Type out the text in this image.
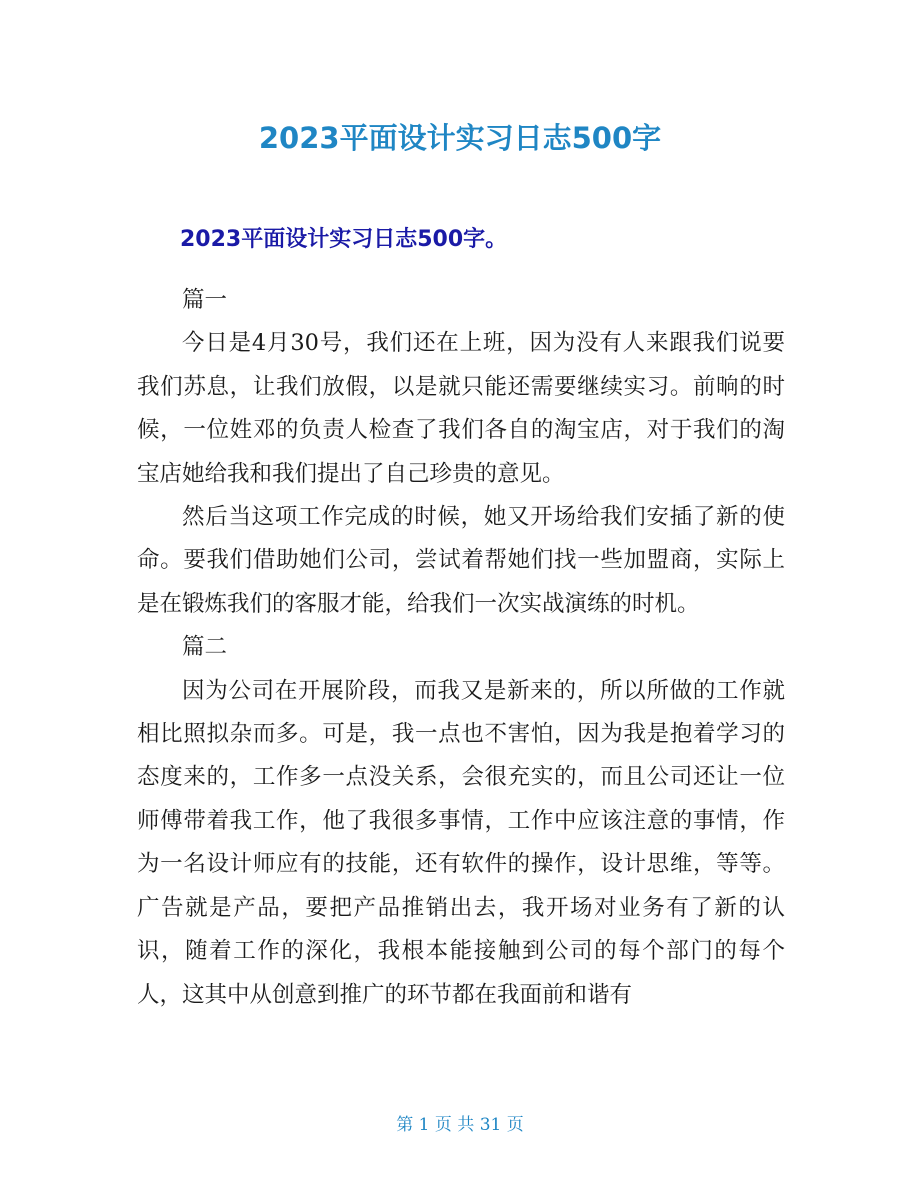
2023平面设计实习日志500字
2023平面设计实习日志500字。

篇一

今日是4月30号，我们还在上班，因为没有人来跟我们说要我们苏息，让我们放假，以是就只能还需要继续实习。前晌的时候，一位姓邓的负责人检查了我们各自的淘宝店，对于我们的淘宝店她给我和我们提出了自己珍贵的意见。

然后当这项工作完成的时候，她又开场给我们安插了新的使命。要我们借助她们公司，尝试着帮她们找一些加盟商，实际上是在锻炼我们的客服才能，给我们一次实战演练的时机。

篇二

因为公司在开展阶段，而我又是新来的，所以所做的工作就相比照拟杂而多。可是，我一点也不害怕，因为我是抱着学习的态度来的，工作多一点没关系，会很充实的，而且公司还让一位师傅带着我工作，他了我很多事情，工作中应该注意的事情，作为一名设计师应有的技能，还有软件的操作，设计思维，等等。广告就是产品，要把产品推销出去，我开场对业务有了新的认识，随着工作的深化，我根本能接触到公司的每个部门的每个人，这其中从创意到推广的环节都在我面前和谐有

第 1 页 共 31 页
